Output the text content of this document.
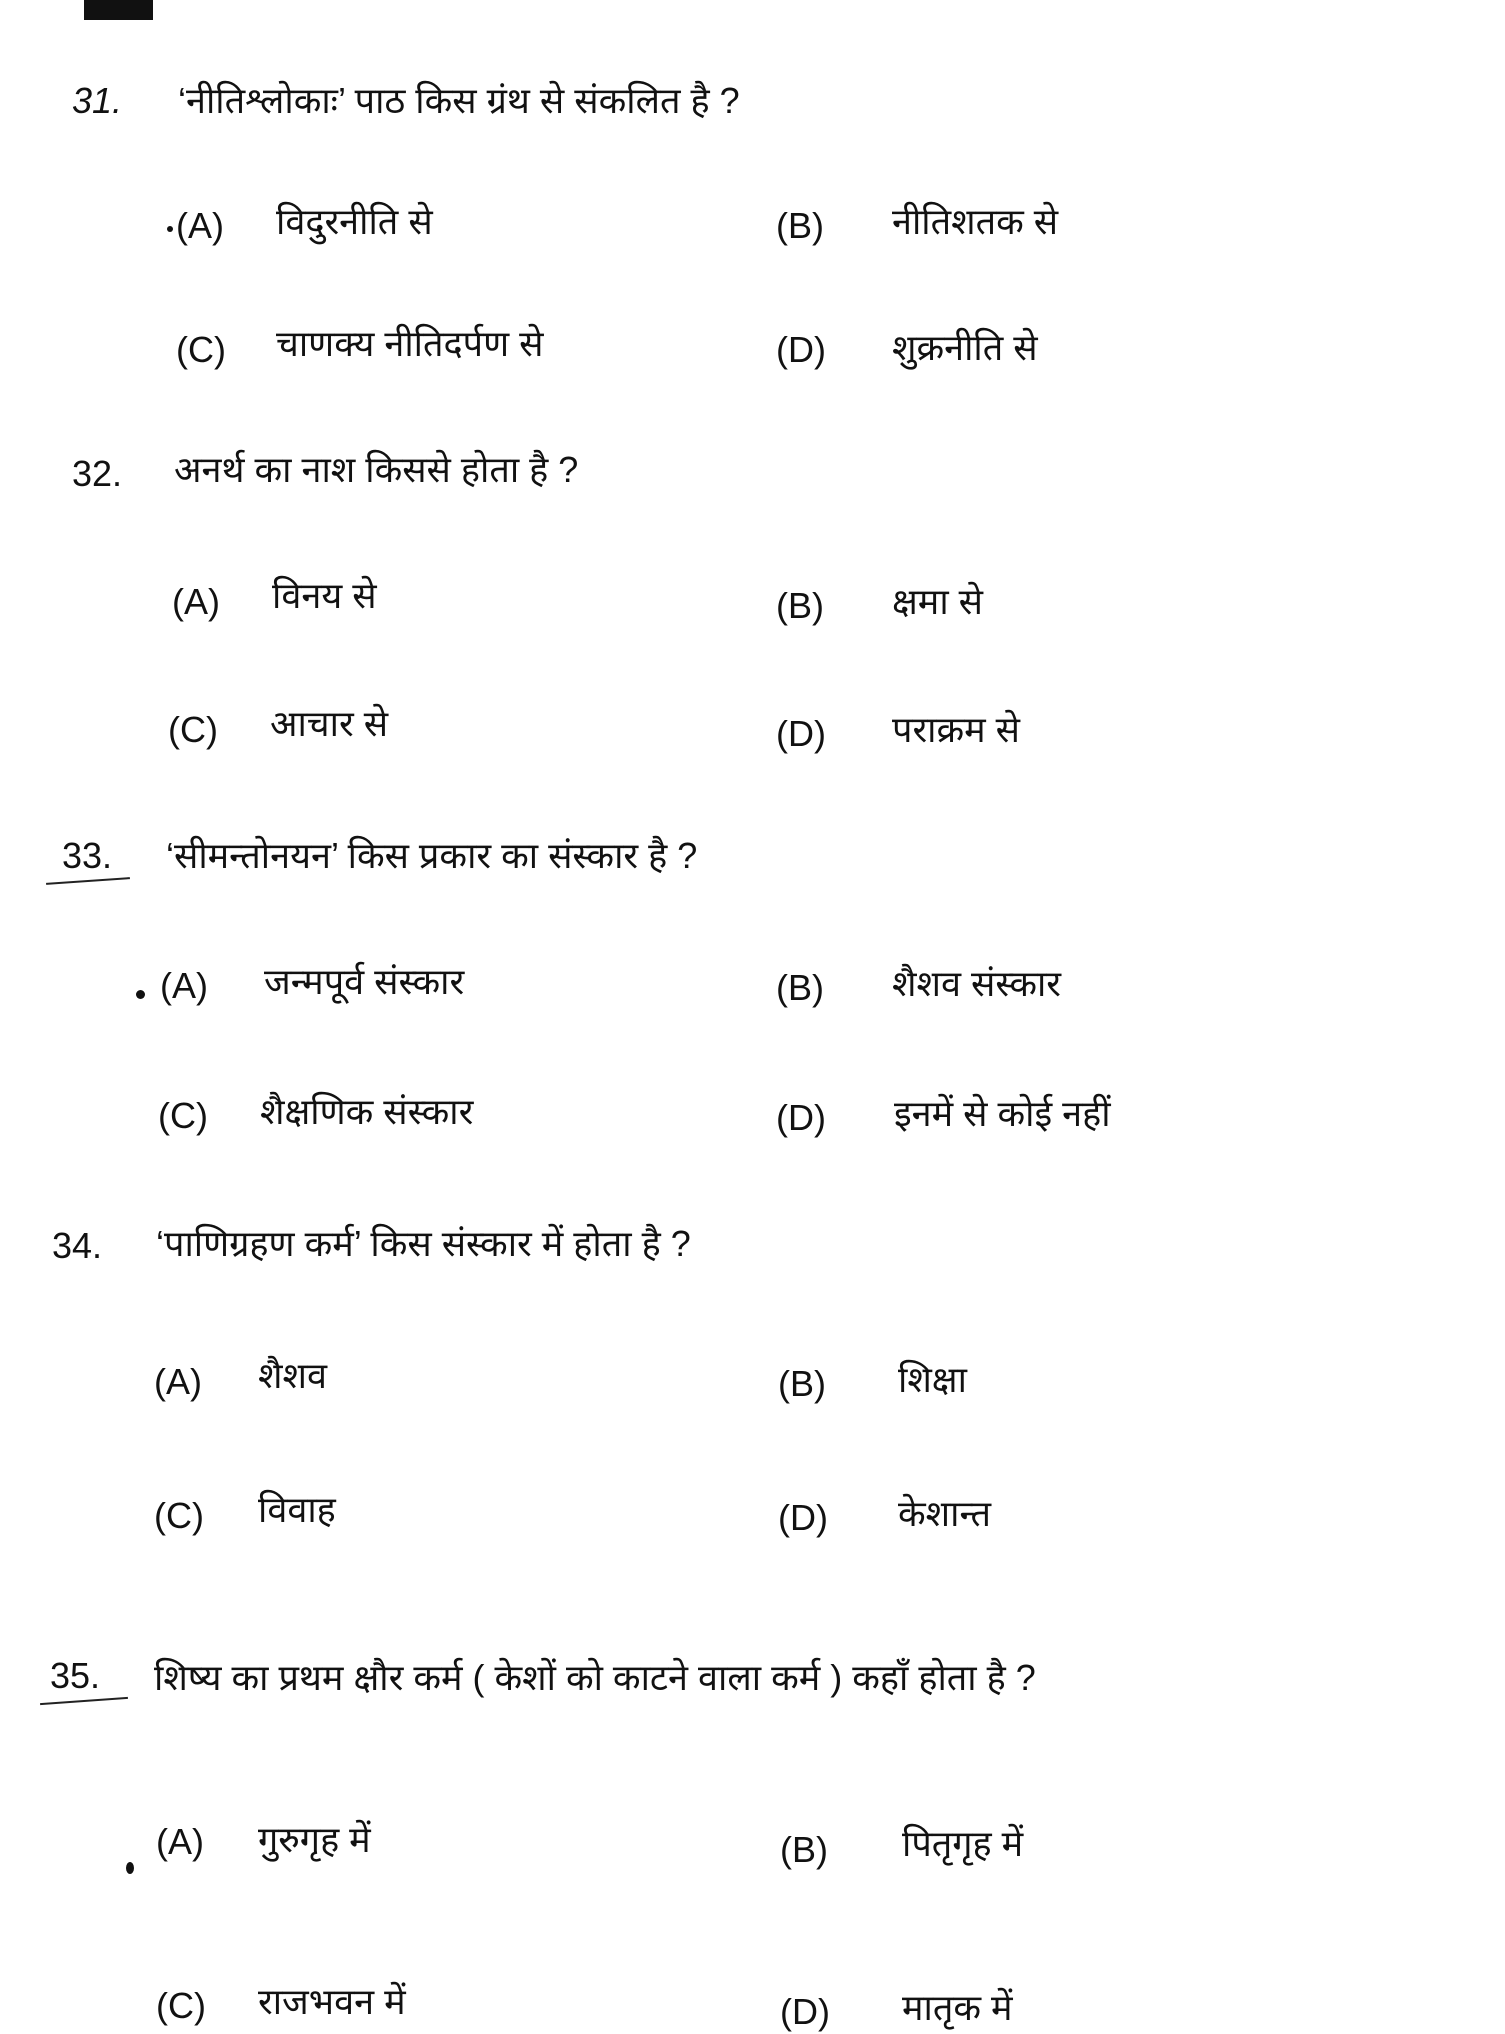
31. ‘नीतिश्लोकाः’ पाठ किस ग्रंथ से संकलित है ?
(A) विदुरनीति से	(B) नीतिशतक से
(C) चाणक्य नीतिदर्पण से	(D) शुक्रनीति से
32. अनर्थ का नाश किससे होता है ?
(A) विनय से	(B) क्षमा से
(C) आचार से	(D) पराक्रम से
33. ‘सीमन्तोनयन’ किस प्रकार का संस्कार है ?
(A) जन्मपूर्व संस्कार	(B) शैशव संस्कार
(C) शैक्षणिक संस्कार	(D) इनमें से कोई नहीं
34. ‘पाणिग्रहण कर्म’ किस संस्कार में होता है ?
(A) शैशव	(B) शिक्षा
(C) विवाह	(D) केशान्त
35. शिष्य का प्रथम क्षौर कर्म ( केशों को काटने वाला कर्म ) कहाँ होता है ?
(A) गुरुगृह में	(B) पितृगृह में
(C) राजभवन में	(D) मातृक में
